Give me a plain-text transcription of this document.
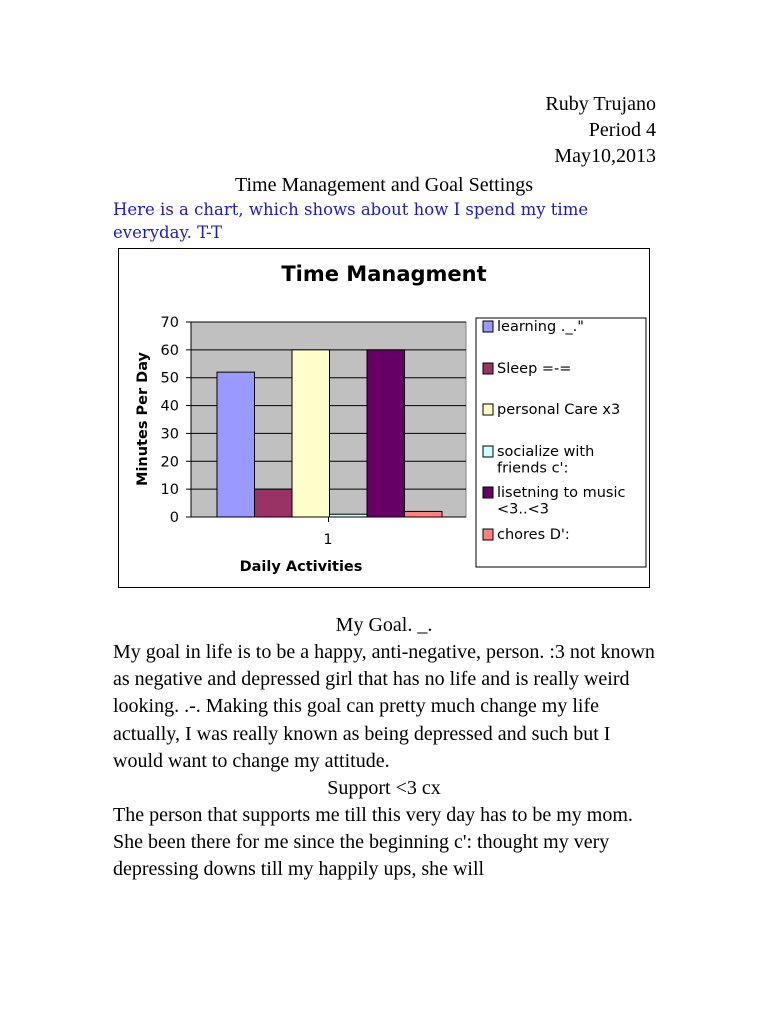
Ruby Trujano
Period 4
May10,2013
Time Management and Goal Settings
Here is a chart, which shows about how I spend my time everyday. T-T
Time Managment
0
10
20
30
40
50
60
70
1
Daily Activities
Minutes Per Day
learning ._."
Sleep =-=
personal Care x3
socialize with friends c':
lisetning to music <3..<3
chores D':
My Goal. _.
My goal in life is to be a happy, anti-negative, person. :3 not known as negative and depressed girl that has no life and is really weird looking. .-. Making this goal can pretty much change my life actually, I was really known as being depressed and such but I would want to change my attitude.
Support <3 cx
The person that supports me till this very day has to be my mom. She been there for me since the beginning c': thought my very depressing downs till my happily ups, she will
